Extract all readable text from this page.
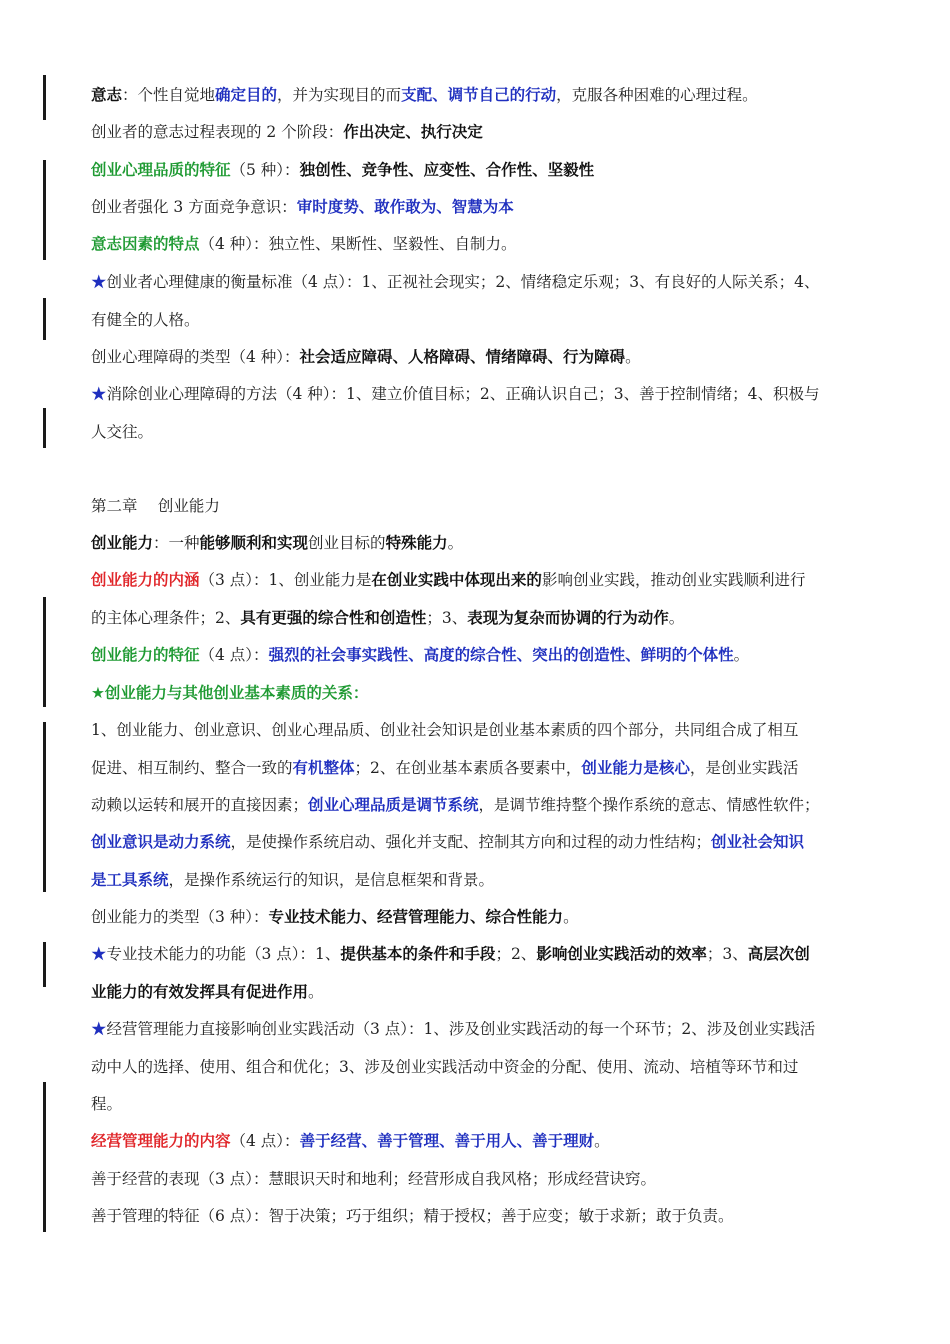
意志：个性自觉地确定目的，并为实现目的而支配、调节自己的行动，克服各种困难的心理过程。
创业者的意志过程表现的 2 个阶段：作出决定、执行决定
创业心理品质的特征（5 种）：独创性、竞争性、应变性、合作性、坚毅性
创业者强化 3 方面竞争意识：审时度势、敢作敢为、智慧为本
意志因素的特点（4 种）：独立性、果断性、坚毅性、自制力。
★创业者心理健康的衡量标准（4 点）：1、正视社会现实；2、情绪稳定乐观；3、有良好的人际关系；4、
有健全的人格。
创业心理障碍的类型（4 种）：社会适应障碍、人格障碍、情绪障碍、行为障碍。
★消除创业心理障碍的方法（4 种）：1、建立价值目标；2、正确认识自己；3、善于控制情绪；4、积极与
人交往。
第二章　 创业能力
创业能力：一种能够顺利和实现创业目标的特殊能力。
创业能力的内涵（3 点）：1、创业能力是在创业实践中体现出来的影响创业实践，推动创业实践顺利进行
的主体心理条件；2、具有更强的综合性和创造性；3、表现为复杂而协调的行为动作。
创业能力的特征（4 点）：强烈的社会事实践性、高度的综合性、突出的创造性、鲜明的个体性。
★创业能力与其他创业基本素质的关系：
1、创业能力、创业意识、创业心理品质、创业社会知识是创业基本素质的四个部分，共同组合成了相互
促进、相互制约、整合一致的有机整体；2、在创业基本素质各要素中，创业能力是核心，是创业实践活
动赖以运转和展开的直接因素；创业心理品质是调节系统，是调节维持整个操作系统的意志、情感性软件；
创业意识是动力系统，是使操作系统启动、强化并支配、控制其方向和过程的动力性结构；创业社会知识
是工具系统，是操作系统运行的知识，是信息框架和背景。
创业能力的类型（3 种）：专业技术能力、经营管理能力、综合性能力。
★专业技术能力的功能（3 点）：1、提供基本的条件和手段；2、影响创业实践活动的效率；3、高层次创
业能力的有效发挥具有促进作用。
★经营管理能力直接影响创业实践活动（3 点）：1、涉及创业实践活动的每一个环节；2、涉及创业实践活
动中人的选择、使用、组合和优化；3、涉及创业实践活动中资金的分配、使用、流动、培植等环节和过
程。
经营管理能力的内容（4 点）：善于经营、善于管理、善于用人、善于理财。
善于经营的表现（3 点）：慧眼识天时和地利；经营形成自我风格；形成经营诀窍。
善于管理的特征（6 点）：智于决策；巧于组织；精于授权；善于应变；敏于求新；敢于负责。
